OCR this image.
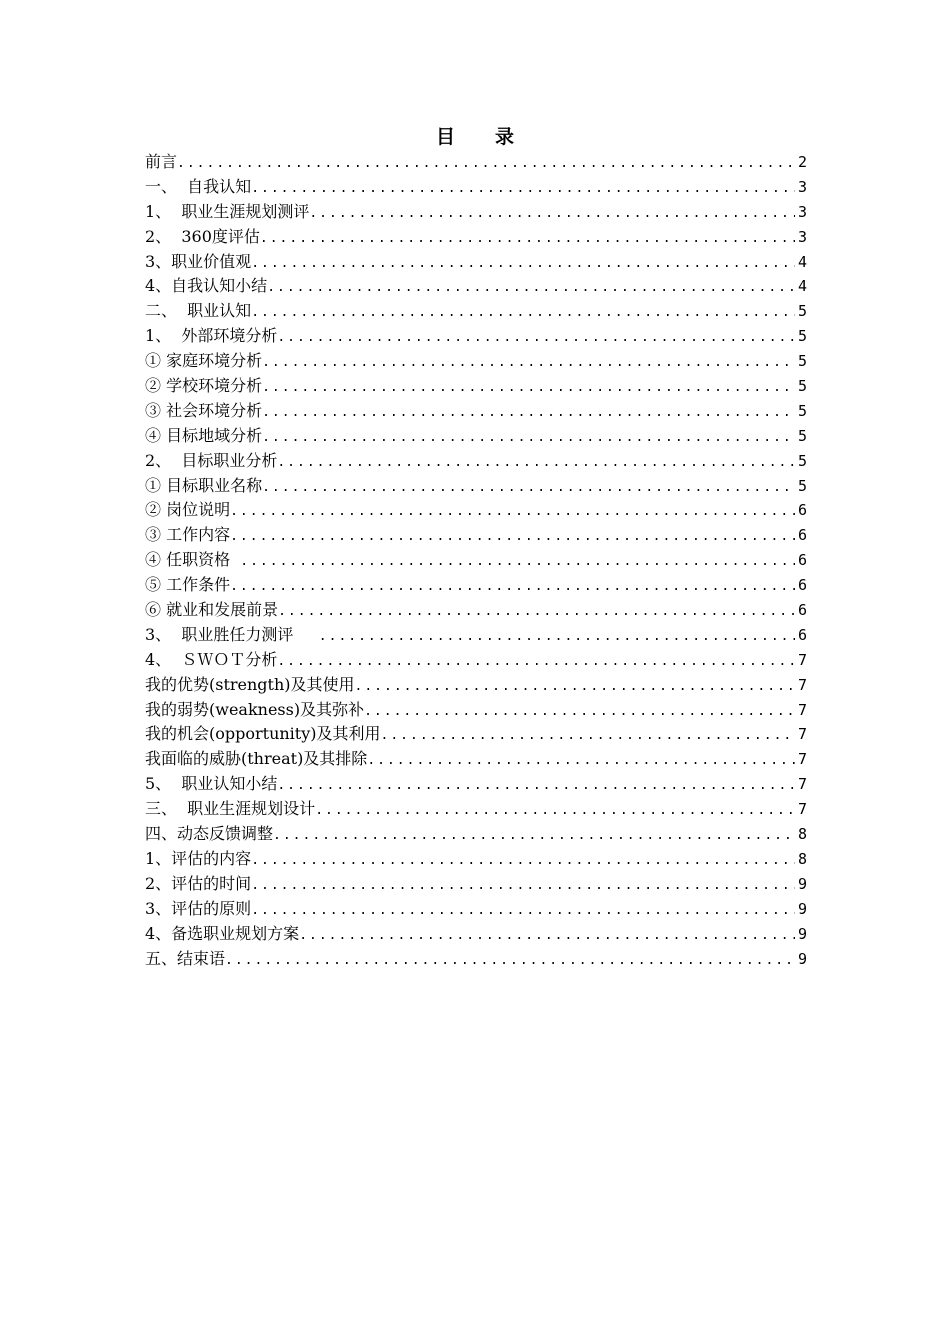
目 录
前言 .....	2
一、  自我认知 .....	3
1、  职业生涯规划测评 .....	3
2、  360度评估 .....	3
3、职业价值观 .....	4
4、自我认知小结 .....	4
二、  职业认知 .....	5
1、  外部环境分析 .....	5
① 家庭环境分析 .....	5
② 学校环境分析 .....	5
③ 社会环境分析 .....	5
④ 目标地域分析 .....	5
2、  目标职业分析 .....	5
① 目标职业名称 .....	5
② 岗位说明 .....	6
③ 工作内容 .....	6
④ 任职资格 .....	6
⑤ 工作条件 .....	6
⑥ 就业和发展前景 .....	6
3、  职业胜任力测评 .....	6
4、  ＳＷＯＴ分析 .....	7
我的优势(strength)及其使用 .....	7
我的弱势(weakness)及其弥补 .....	7
我的机会(opportunity)及其利用 .....	7
我面临的威胁(threat)及其排除 .....	7
5、  职业认知小结 .....	7
三、  职业生涯规划设计 .....	7
四、动态反馈调整 .....	8
1、评估的内容 .....	8
2、评估的时间 .....	9
3、评估的原则 .....	9
4、备选职业规划方案 .....	9
五、结束语 .....	9
